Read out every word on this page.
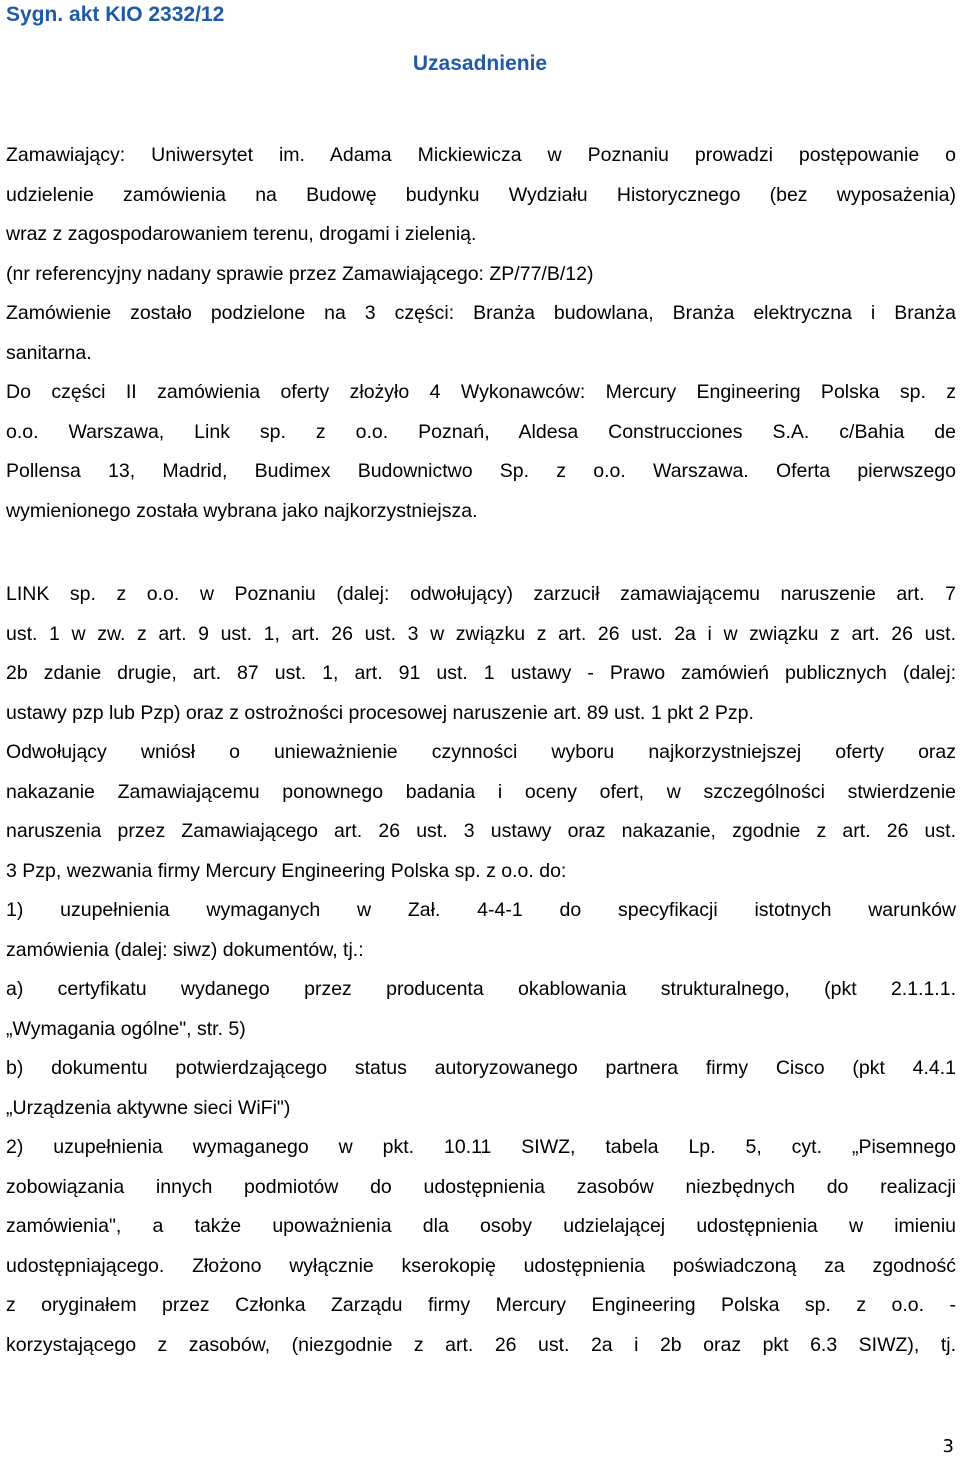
Sygn. akt KIO 2332/12
Uzasadnienie
Zamawiający: Uniwersytet im. Adama Mickiewicza w Poznaniu prowadzi postępowanie o
udzielenie zamówienia na Budowę budynku Wydziału Historycznego (bez wyposażenia)
wraz z zagospodarowaniem terenu, drogami i zielenią.
(nr referencyjny nadany sprawie przez Zamawiającego: ZP/77/B/12)
Zamówienie zostało podzielone na 3 części: Branża budowlana, Branża elektryczna i Branża
sanitarna.
Do części II zamówienia oferty złożyło 4 Wykonawców: Mercury Engineering Polska sp. z
o.o. Warszawa, Link sp. z o.o. Poznań, Aldesa Construcciones S.A. c/Bahia de
Pollensa 13, Madrid, Budimex Budownictwo Sp. z o.o. Warszawa. Oferta pierwszego
wymienionego została wybrana jako najkorzystniejsza.
LINK sp. z o.o. w Poznaniu (dalej: odwołujący) zarzucił zamawiającemu naruszenie art. 7
ust. 1 w zw. z art. 9 ust. 1, art. 26 ust. 3 w związku z art. 26 ust. 2a i w związku z art. 26 ust.
2b zdanie drugie, art. 87 ust. 1, art. 91 ust. 1 ustawy - Prawo zamówień publicznych (dalej:
ustawy pzp lub Pzp) oraz z ostrożności procesowej naruszenie art. 89 ust. 1 pkt 2 Pzp.
Odwołujący wniósł o unieważnienie czynności wyboru najkorzystniejszej oferty oraz
nakazanie Zamawiającemu ponownego badania i oceny ofert, w szczególności stwierdzenie
naruszenia przez Zamawiającego art. 26 ust. 3 ustawy oraz nakazanie, zgodnie z art. 26 ust.
3 Pzp, wezwania firmy Mercury Engineering Polska sp. z o.o. do:
1) uzupełnienia wymaganych w Zał. 4-4-1 do specyfikacji istotnych warunków
zamówienia (dalej: siwz) dokumentów, tj.:
a) certyfikatu wydanego przez producenta okablowania strukturalnego, (pkt 2.1.1.1.
„Wymagania ogólne", str. 5)
b) dokumentu potwierdzającego status autoryzowanego partnera firmy Cisco (pkt 4.4.1
„Urządzenia aktywne sieci WiFi")
2) uzupełnienia wymaganego w pkt. 10.11 SIWZ, tabela Lp. 5, cyt. „Pisemnego
zobowiązania innych podmiotów do udostępnienia zasobów niezbędnych do realizacji
zamówienia", a także upoważnienia dla osoby udzielającej udostępnienia w imieniu
udostępniającego. Złożono wyłącznie kserokopię udostępnienia poświadczoną za zgodność
z oryginałem przez Członka Zarządu firmy Mercury Engineering Polska sp. z o.o. -
korzystającego z zasobów, (niezgodnie z art. 26 ust. 2a i 2b oraz pkt 6.3 SIWZ), tj.
3
